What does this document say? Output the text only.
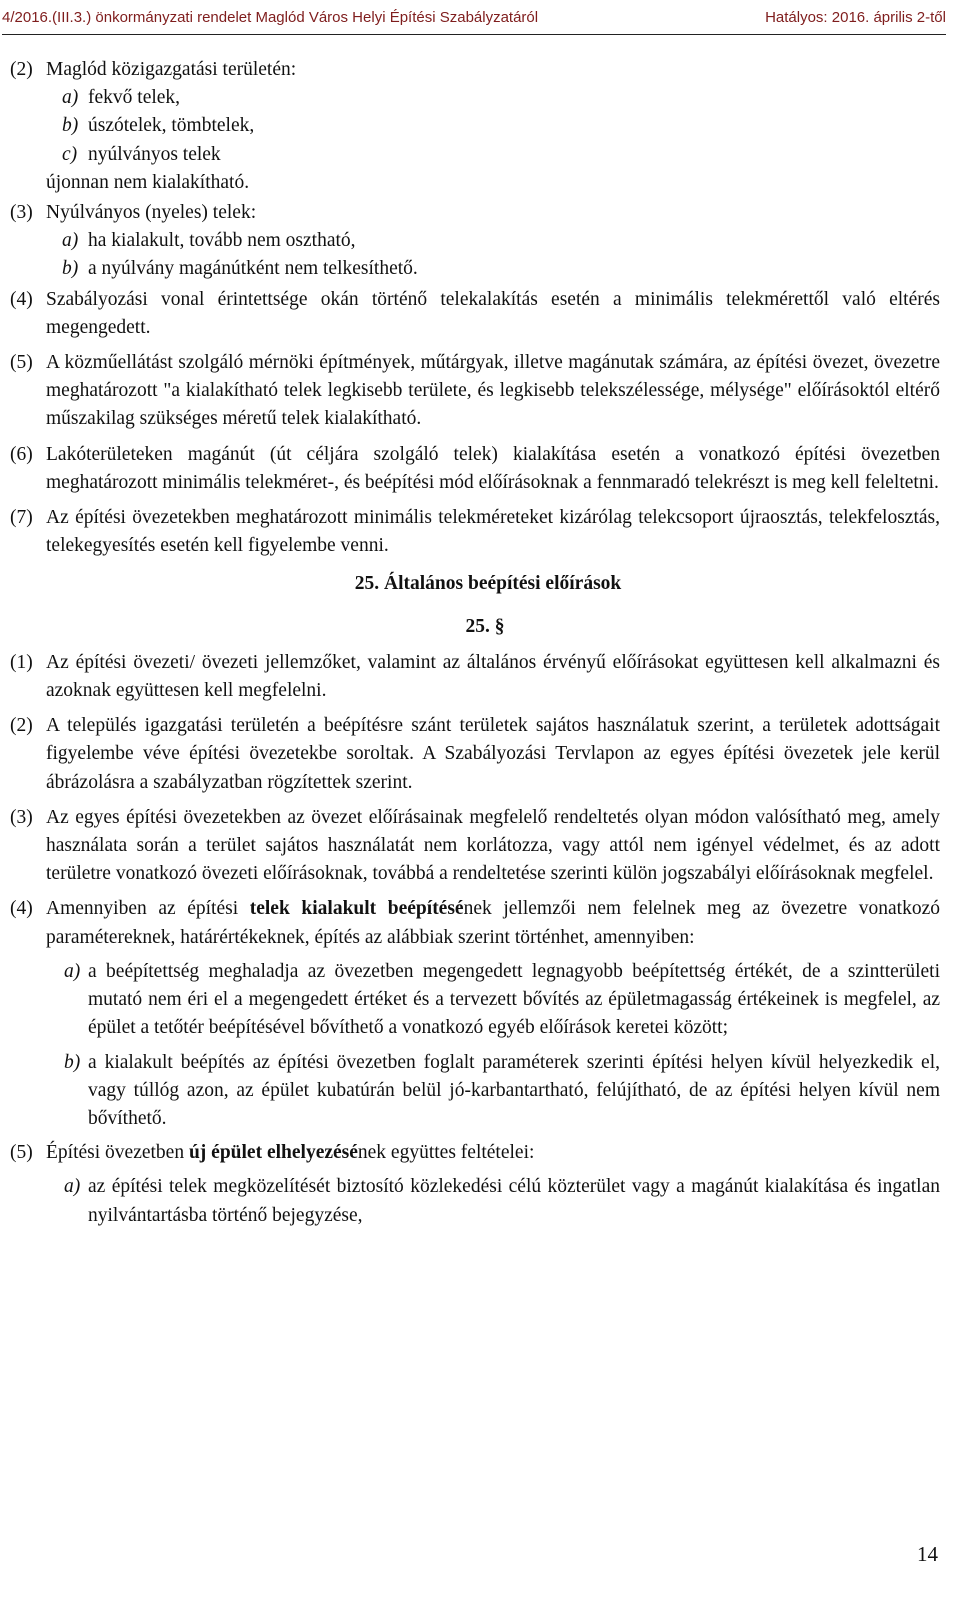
4/2016.(III.3.) önkormányzati rendelet Maglód Város Helyi Építési Szabályzatáról	Hatályos: 2016. április 2-től
(2) Maglód közigazgatási területén:
a) fekvő telek,
b) úszótelek, tömbtelek,
c) nyúlványos telek
újonnan nem kialakítható.
(3) Nyúlványos (nyeles) telek:
a) ha kialakult, tovább nem osztható,
b) a nyúlvány magánútként nem telkesíthető.
(4) Szabályozási vonal érintettsége okán történő telekalakítás esetén a minimális telekmérettől való eltérés megengedett.
(5) A közműellátást szolgáló mérnöki építmények, műtárgyak, illetve magánutak számára, az építési övezet, övezetre meghatározott "a kialakítható telek legkisebb területe, és legkisebb telekszélessége, mélysége" előírásoktól eltérő műszakilag szükséges méretű telek kialakítható.
(6) Lakóterületeken magánút (út céljára szolgáló telek) kialakítása esetén a vonatkozó építési övezetben meghatározott minimális telekméret-, és beépítési mód előírásoknak a fennmaradó telekrészt is meg kell feleltetni.
(7) Az építési övezetekben meghatározott minimális telekméreteket kizárólag telekcsoport újraosztás, telekfelosztás, telekegyesítés esetén kell figyelembe venni.
25. Általános beépítési előírások
25. §
(1) Az építési övezeti/ övezeti jellemzőket, valamint az általános érvényű előírásokat együttesen kell alkalmazni és azoknak együttesen kell megfelelni.
(2) A település igazgatási területén a beépítésre szánt területek sajátos használatuk szerint, a területek adottságait figyelembe véve építési övezetekbe soroltak. A Szabályozási Tervlapon az egyes építési övezetek jele kerül ábrázolásra a szabályzatban rögzítettek szerint.
(3) Az egyes építési övezetekben az övezet előírásainak megfelelő rendeltetés olyan módon valósítható meg, amely használata során a terület sajátos használatát nem korlátozza, vagy attól nem igényel védelmet, és az adott területre vonatkozó övezeti előírásoknak, továbbá a rendeltetése szerinti külön jogszabályi előírásoknak megfelel.
(4) Amennyiben az építési telek kialakult beépítésének jellemzői nem felelnek meg az övezetre vonatkozó paramétereknek, határértékeknek, építés az alábbiak szerint történhet, amennyiben:
a) a beépítettség meghaladja az övezetben megengedett legnagyobb beépítettség értékét, de a szintterületi mutató nem éri el a megengedett értéket és a tervezett bővítés az épületmagasság értékeinek is megfelel, az épület a tetőtér beépítésével bővíthető a vonatkozó egyéb előírások keretei között;
b) a kialakult beépítés az építési övezetben foglalt paraméterek szerinti építési helyen kívül helyezkedik el, vagy túllóg azon, az épület kubatúrán belül jó-karbantartható, felújítható, de az építési helyen kívül nem bővíthető.
(5) Építési övezetben új épület elhelyezésének együttes feltételei:
a) az építési telek megközelítését biztosító közlekedési célú közterület vagy a magánút kialakítása és ingatlan nyilvántartásba történő bejegyzése,
14
